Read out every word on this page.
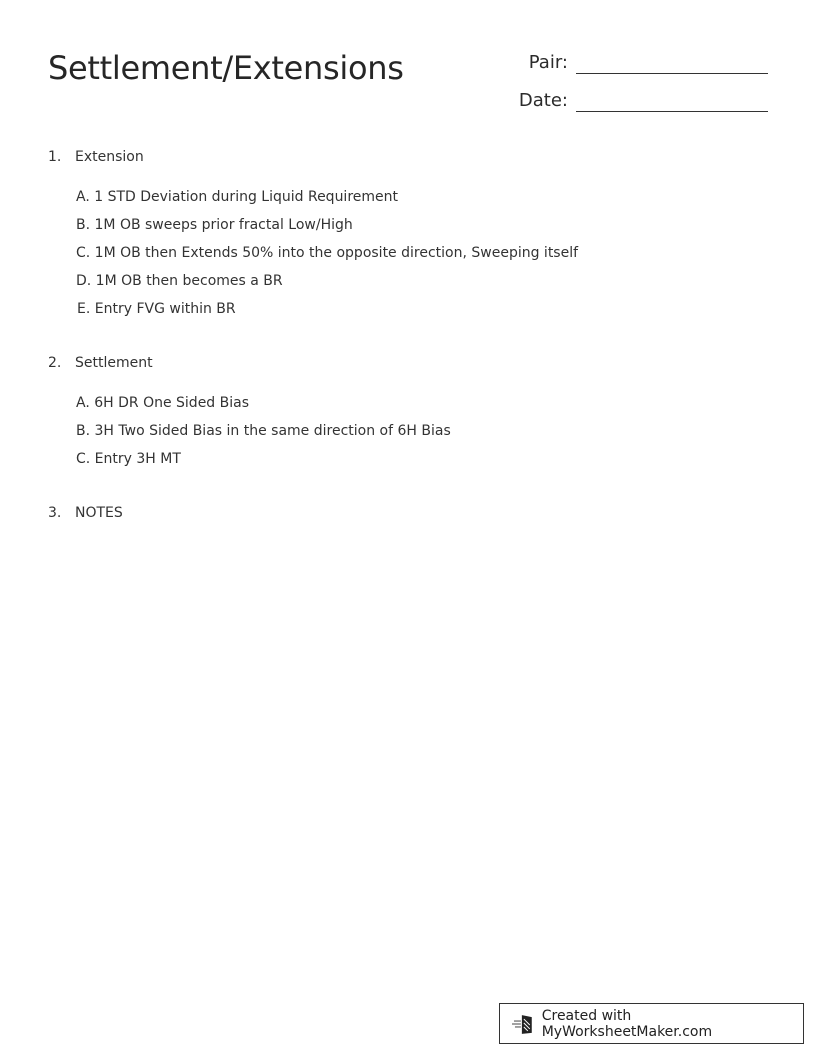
Settlement/Extensions	Pair:
Date:
1. Extension
A. 1 STD Deviation during Liquid Requirement
B. 1M OB sweeps prior fractal Low/High
C. 1M OB then Extends 50% into the opposite direction, Sweeping itself
D. 1M OB then becomes a BR
E. Entry FVG within BR
2. Settlement
A. 6H DR One Sided Bias
B. 3H Two Sided Bias in the same direction of 6H Bias
C. Entry 3H MT
3. NOTES
Created with MyWorksheetMaker.com
